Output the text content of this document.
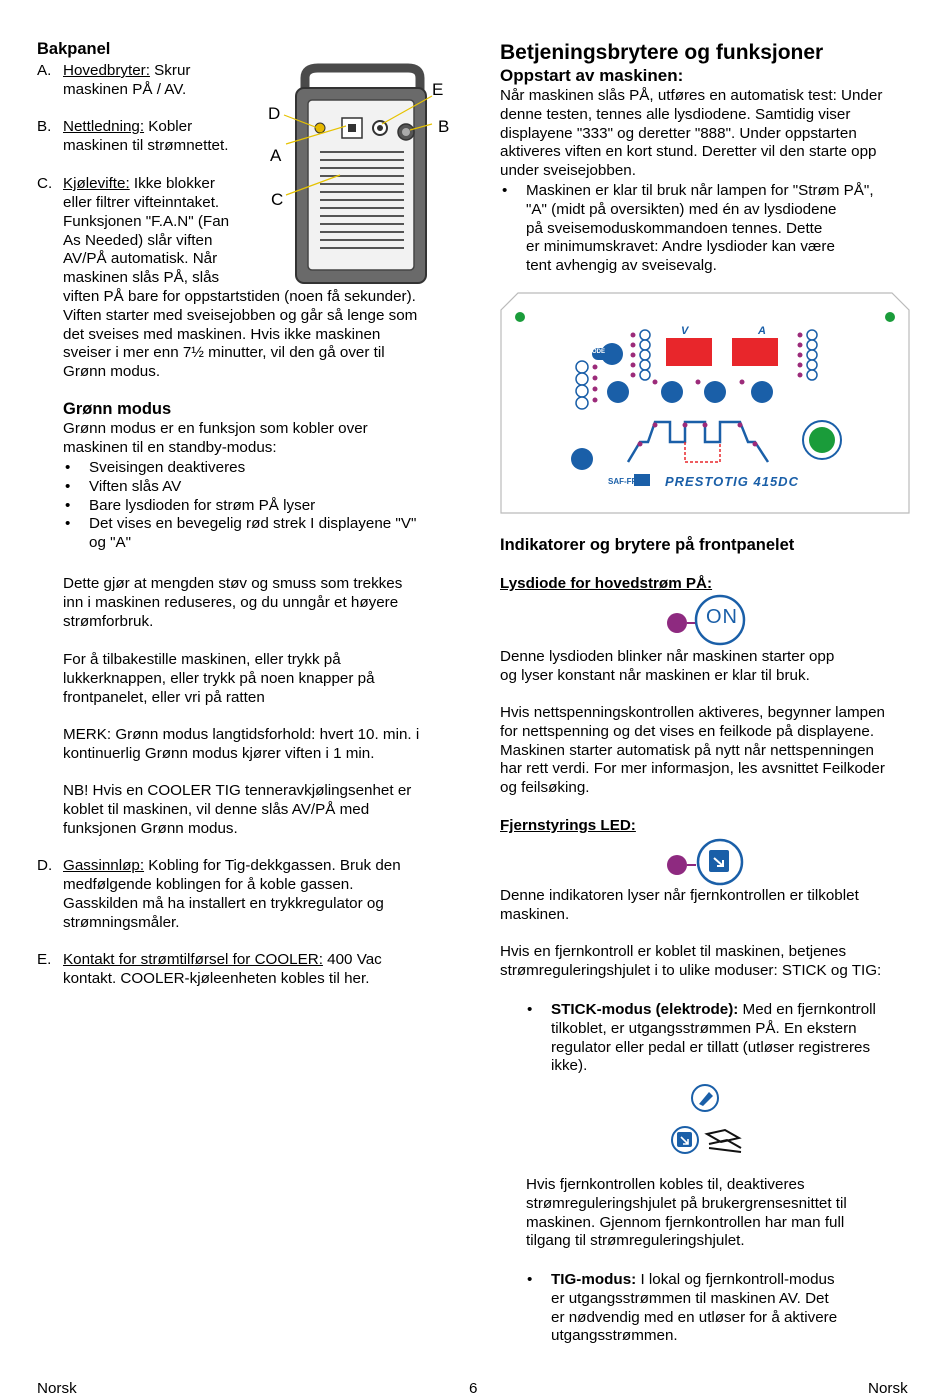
Bakpanel
A. Hovedbryter: Skrur
maskinen PÅ / AV.
B. Nettledning: Kobler
maskinen til strømnettet.
C. Kjølevifte: Ikke blokker

eller filtrer vifteinntaket.

Funksjonen "F.A.N" (Fan

As Needed) slår viften

AV/PÅ automatisk. Når

maskinen slås PÅ, slås

viften PÅ bare for oppstartstiden (noen få sekunder).

Viften starter med sveisejobben og går så lenge som

det sveises med maskinen. Hvis ikke maskinen

sveiser i mer enn 7½ minutter, vil den gå over til

Grønn modus.

D
E
A
B
C
Grønn modus

Grønn modus er en funksjon som kobler over

maskinen til en standby-modus:

• Sveisingen deaktiveres
• Viften slås AV
• Bare lysdioden for strøm PÅ lyser
• Det vises en bevegelig rød strek I displayene "V"
og "A"

Dette gjør at mengden støv og smuss som trekkes

inn i maskinen reduseres, og du unngår et høyere

strømforbruk.

For å tilbakestille maskinen, eller trykk på

lukkerknappen, eller trykk på noen knapper på

frontpanelet, eller vri på ratten

MERK: Grønn modus langtidsforhold: hvert 10. min. i

kontinuerlig Grønn modus kjører viften i 1 min.

NB! Hvis en COOLER TIG tenneravkjølingsenhet er

koblet til maskinen, vil denne slås AV/PÅ med

funksjonen Grønn modus.

D. Gassinnløp: Kobling for Tig-dekkgassen. Bruk den

medfølgende koblingen for å koble gassen.

Gasskilden må ha installert en trykkregulator og

strømningsmåler.

E. Kontakt for strømtilførsel for COOLER: 400 Vac

kontakt. COOLER-kjøleenheten kobles til her.

Betjeningsbrytere og funksjoner
Oppstart av maskinen:

Når maskinen slås PÅ, utføres en automatisk test: Under

denne testen, tennes alle lysdiodene. Samtidig viser

displayene "333" og deretter "888". Under oppstarten

aktiveres viften en kort stund. Deretter vil den starte opp

under sveisejobben.

• Maskinen er klar til bruk når lampen for "Strøm PÅ",
"A" (midt på oversikten) med én av lysdiodene
på sveisemoduskommandoen tennes. Dette
er minimumskravet: Andre lysdioder kan være
tent avhengig av sveisevalg.
V	A
MODE
SAF-FRO PRESTOTIG 415DC
Indikatorer og brytere på frontpanelet
Lysdiode for hovedstrøm PÅ:
ON

Denne lysdioden blinker når maskinen starter opp

og lyser konstant når maskinen er klar til bruk.

Hvis nettspenningskontrollen aktiveres, begynner lampen

for nettspenning og det vises en feilkode på displayene.

Maskinen starter automatisk på nytt når nettspenningen

har rett verdi. For mer informasjon, les avsnittet Feilkoder

og feilsøking.

Fjernstyrings LED:

Denne indikatoren lyser når fjernkontrollen er tilkoblet

maskinen.

Hvis en fjernkontroll er koblet til maskinen, betjenes

strømreguleringshjulet i to ulike moduser: STICK og TIG:

• STICK-modus (elektrode): Med en fjernkontroll
tilkoblet, er utgangsstrømmen PÅ. En ekstern
regulator eller pedal er tillatt (utløser registreres
ikke).

Hvis fjernkontrollen kobles til, deaktiveres

strømreguleringshjulet på brukergrensesnittet til

maskinen. Gjennom fjernkontrollen har man full

tilgang til strømreguleringshjulet.

• TIG-modus: I lokal og fjernkontroll-modus
er utgangsstrømmen til maskinen AV. Det
er nødvendig med en utløser for å aktivere
utgangsstrømmen.
Norsk	6	Norsk
